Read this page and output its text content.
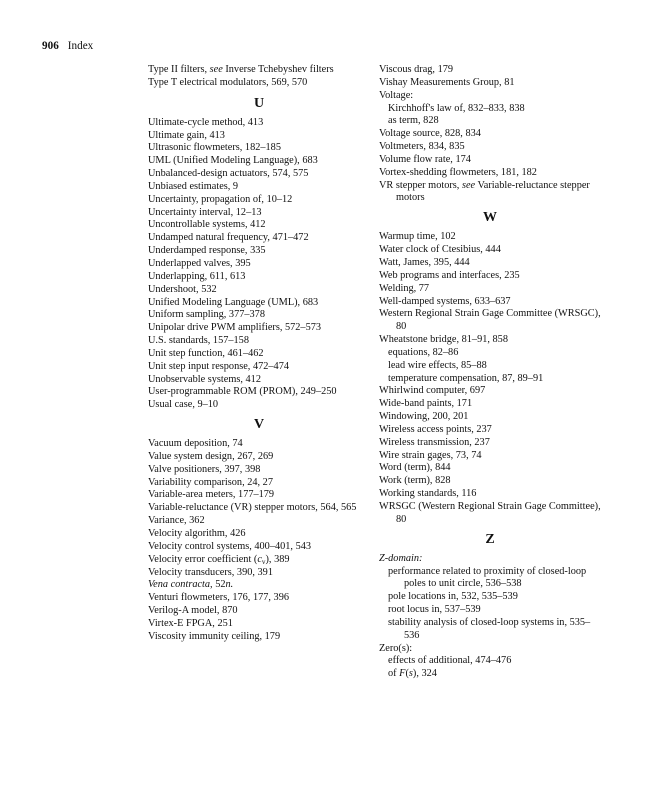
906 Index
Type II filters, see Inverse Tchebyshev filters
Type T electrical modulators, 569, 570
U
Ultimate-cycle method, 413
Ultimate gain, 413
Ultrasonic flowmeters, 182–185
UML (Unified Modeling Language), 683
Unbalanced-design actuators, 574, 575
Unbiased estimates, 9
Uncertainty, propagation of, 10–12
Uncertainty interval, 12–13
Uncontrollable systems, 412
Undamped natural frequency, 471–472
Underdamped response, 335
Underlapped valves, 395
Underlapping, 611, 613
Undershoot, 532
Unified Modeling Language (UML), 683
Uniform sampling, 377–378
Unipolar drive PWM amplifiers, 572–573
U.S. standards, 157–158
Unit step function, 461–462
Unit step input response, 472–474
Unobservable systems, 412
User-programmable ROM (PROM), 249–250
Usual case, 9–10
V
Vacuum deposition, 74
Value system design, 267, 269
Valve positioners, 397, 398
Variability comparison, 24, 27
Variable-area meters, 177–179
Variable-reluctance (VR) stepper motors, 564, 565
Variance, 362
Velocity algorithm, 426
Velocity control systems, 400–401, 543
Velocity error coefficient $(c_v)$, 389
Velocity transducers, 390, 391
Vena contracta, 52n.
Venturi flowmeters, 176, 177, 396
Verilog-A model, 870
Virtex-E FPGA, 251
Viscosity immunity ceiling, 179
Viscous drag, 179
Vishay Measurements Group, 81
Voltage:
Kirchhoff's law of, 832–833, 838
as term, 828
Voltage source, 828, 834
Voltmeters, 834, 835
Volume flow rate, 174
Vortex-shedding flowmeters, 181, 182
VR stepper motors, see Variable-reluctance stepper motors
W
Warmup time, 102
Water clock of Ctesibius, 444
Watt, James, 395, 444
Web programs and interfaces, 235
Welding, 77
Well-damped systems, 633–637
Western Regional Strain Gage Committee (WRSGC), 80
Wheatstone bridge, 81–91, 858
equations, 82–86
lead wire effects, 85–88
temperature compensation, 87, 89–91
Whirlwind computer, 697
Wide-band paints, 171
Windowing, 200, 201
Wireless access points, 237
Wireless transmission, 237
Wire strain gages, 73, 74
Word (term), 844
Work (term), 828
Working standards, 116
WRSGC (Western Regional Strain Gage Committee), 80
Z
Z-domain:
performance related to proximity of closed-loop poles to unit circle, 536–538
pole locations in, 532, 535–539
root locus in, 537–539
stability analysis of closed-loop systems in, 535–536
Zero(s):
effects of additional, 474–476
of F(s), 324
